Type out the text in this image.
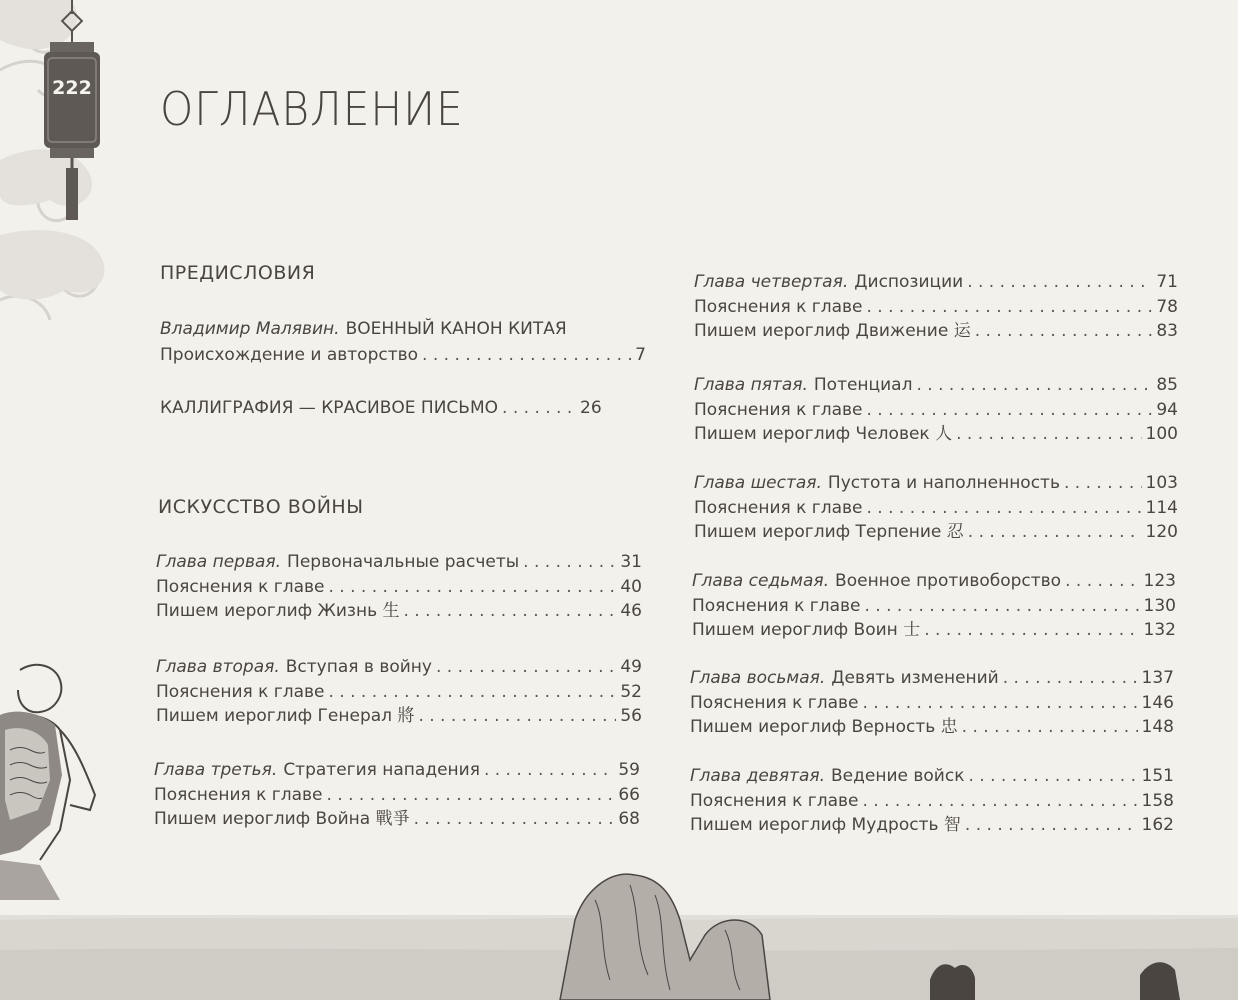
222 ОГЛАВЛЕНИЕ
ПРЕДИСЛОВИЯ
Владимир Малявин. ВОЕННЫЙ КАНОН КИТАЯ
Происхождение и авторство . . .	7
КАЛЛИГРАФИЯ — КРАСИВОЕ ПИСЬМО . . .	26
ИСКУССТВО ВОЙНЫ
Глава первая. Первоначальные расчеты . . .	31
Пояснения к главе . . .	40
Пишем иероглиф Жизнь 生 . . .	46
Глава вторая. Вступая в войну . . .	49
Пояснения к главе . . .	52
Пишем иероглиф Генерал 將 . . .	56
Глава третья. Стратегия нападения . . .	59
Пояснения к главе . . .	66
Пишем иероглиф Война 戰爭 . . .	68
Глава четвертая. Диспозиции . . .	71
Пояснения к главе . . .	78
Пишем иероглиф Движение 运 . . .	83
Глава пятая. Потенциал . . .	85
Пояснения к главе . . .	94
Пишем иероглиф Человек 人 . . .	100
Глава шестая. Пустота и наполненность . . .	103
Пояснения к главе . . .	114
Пишем иероглиф Терпение 忍 . . .	120
Глава седьмая. Военное противоборство . . .	123
Пояснения к главе . . .	130
Пишем иероглиф Воин 士 . . .	132
Глава восьмая. Девять изменений . . .	137
Пояснения к главе . . .	146
Пишем иероглиф Верность 忠 . . .	148
Глава девятая. Ведение войск . . .	151
Пояснения к главе . . .	158
Пишем иероглиф Мудрость 智 . . .	162
